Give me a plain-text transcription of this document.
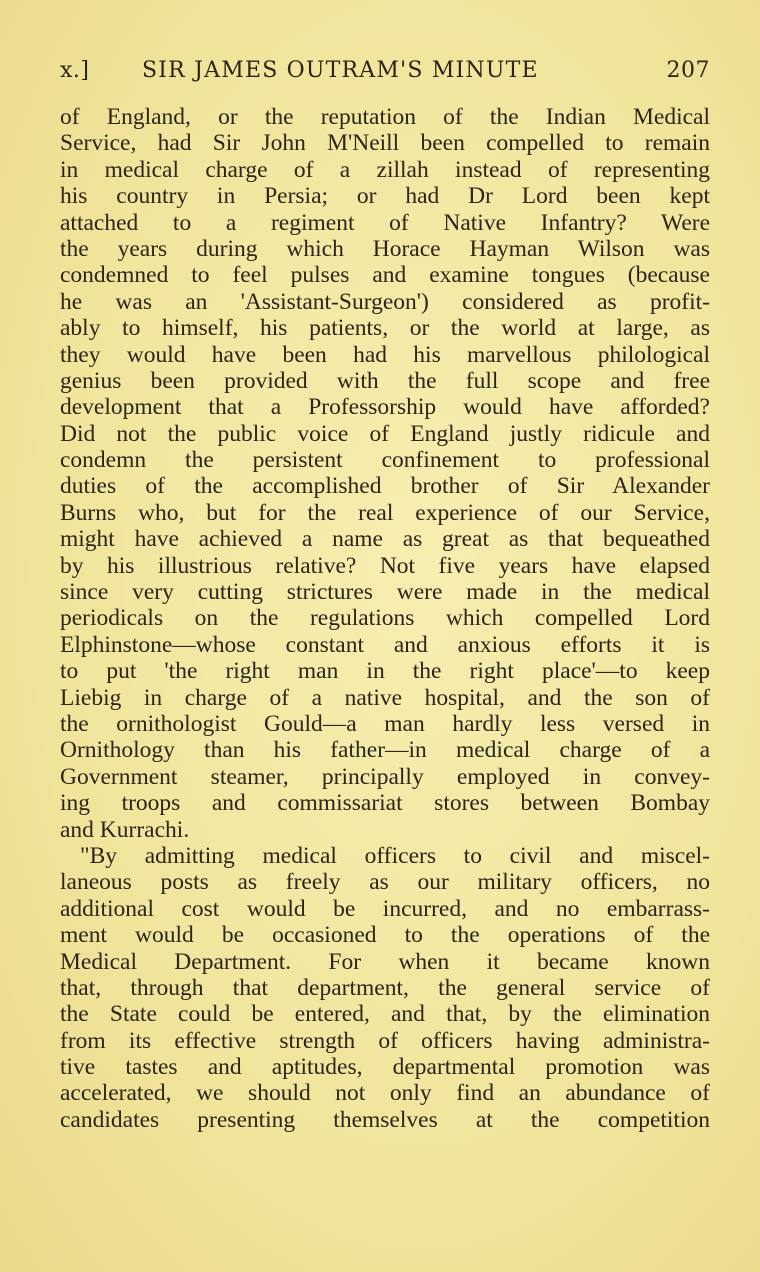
x.] SIR JAMES OUTRAM'S MINUTE	207
of England, or the reputation of the Indian Medical
Service, had Sir John M'Neill been compelled to remain
in medical charge of a zillah instead of representing
his country in Persia; or had Dr Lord been kept
attached to a regiment of Native Infantry? Were
the years during which Horace Hayman Wilson was
condemned to feel pulses and examine tongues (because
he was an 'Assistant-Surgeon') considered as profit-
ably to himself, his patients, or the world at large, as
they would have been had his marvellous philological
genius been provided with the full scope and free
development that a Professorship would have afforded?
Did not the public voice of England justly ridicule and
condemn the persistent confinement to professional
duties of the accomplished brother of Sir Alexander
Burns who, but for the real experience of our Service,
might have achieved a name as great as that bequeathed
by his illustrious relative? Not five years have elapsed
since very cutting strictures were made in the medical
periodicals on the regulations which compelled Lord
Elphinstone—whose constant and anxious efforts it is
to put 'the right man in the right place'—to keep
Liebig in charge of a native hospital, and the son of
the ornithologist Gould—a man hardly less versed in
Ornithology than his father—in medical charge of a
Government steamer, principally employed in convey-
ing troops and commissariat stores between Bombay
and Kurrachi.
"By admitting medical officers to civil and miscel-
laneous posts as freely as our military officers, no
additional cost would be incurred, and no embarrass-
ment would be occasioned to the operations of the
Medical Department. For when it became known
that, through that department, the general service of
the State could be entered, and that, by the elimination
from its effective strength of officers having administra-
tive tastes and aptitudes, departmental promotion was
accelerated, we should not only find an abundance of
candidates presenting themselves at the competition
